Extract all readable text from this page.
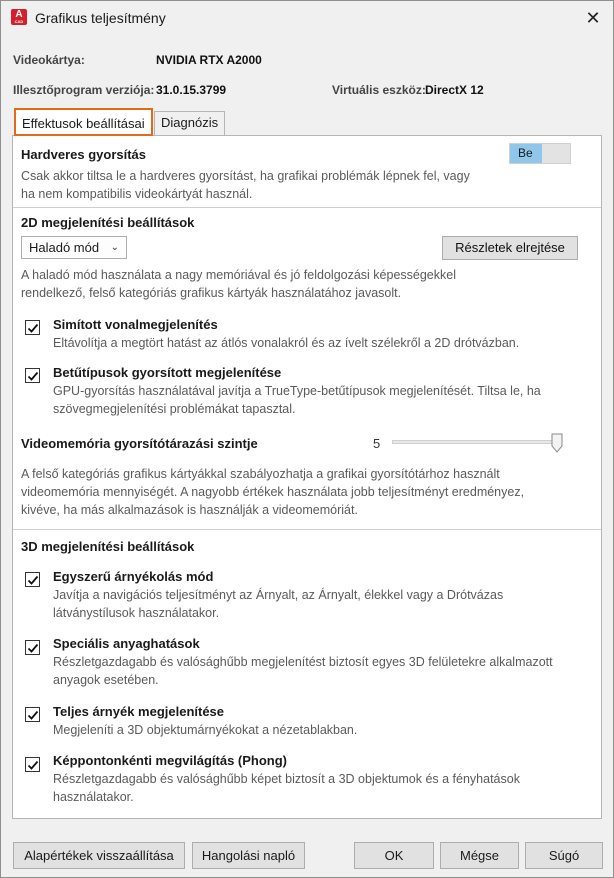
A
CAD Grafikus teljesítmény	✕
Videokártya:	NVIDIA RTX A2000
Illesztőprogram verziója: 31.0.15.3799	Virtuális eszköz: DirectX 12
Effektusok beállításai	Diagnózis
Hardveres gyorsítás	Be
Csak akkor tiltsa le a hardveres gyorsítást, ha grafikai problémák lépnek fel, vagy
ha nem kompatibilis videokártyát használ.
2D megjelenítési beállítások
Haladó mód ⌄	Részletek elrejtése
A haladó mód használata a nagy memóriával és jó feldolgozási képességekkel
rendelkező, felső kategóriás grafikus kártyák használatához javasolt.
Simított vonalmegjelenítés
Eltávolítja a megtört hatást az átlós vonalakról és az ívelt szélekről a 2D drótvázban.
Betűtípusok gyorsított megjelenítése
GPU-gyorsítás használatával javítja a TrueType-betűtípusok megjelenítését. Tiltsa le, ha
szövegmegjelenítési problémákat tapasztal.
Videomemória gyorsítótárazási szintje	5
A felső kategóriás grafikus kártyákkal szabályozhatja a grafikai gyorsítótárhoz használt
videomemória mennyiségét. A nagyobb értékek használata jobb teljesítményt eredményez,
kivéve, ha más alkalmazások is használják a videomemóriát.
3D megjelenítési beállítások
Egyszerű árnyékolás mód
Javítja a navigációs teljesítményt az Árnyalt, az Árnyalt, élekkel vagy a Drótvázas
látványstílusok használatakor.
Speciális anyaghatások
Részletgazdagabb és valósághűbb megjelenítést biztosít egyes 3D felületekre alkalmazott
anyagok esetében.
Teljes árnyék megjelenítése
Megjeleníti a 3D objektumárnyékokat a nézetablakban.
Képpontonkénti megvilágítás (Phong)
Részletgazdagabb és valósághűbb képet biztosít a 3D objektumok és a fényhatások
használatakor.
Alapértékek visszaállítása	Hangolási napló	OK	Mégse	Súgó
